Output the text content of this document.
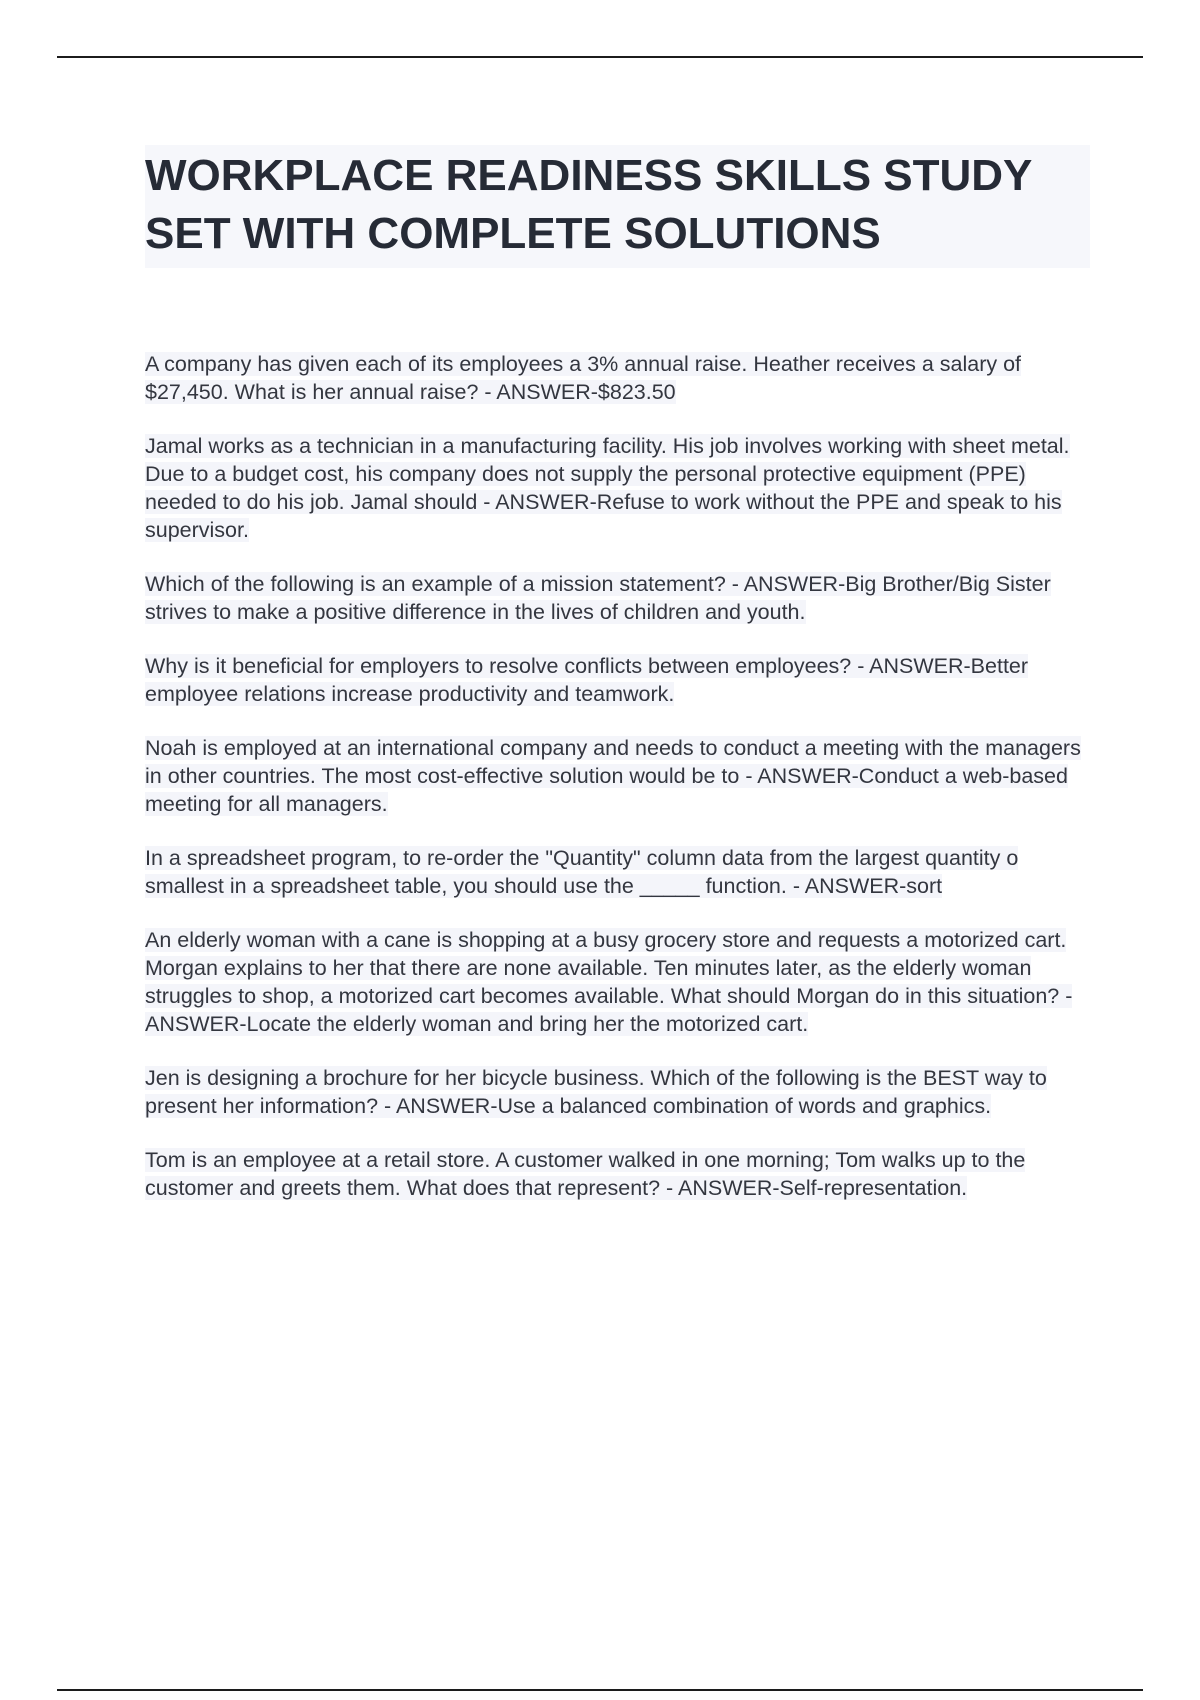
WORKPLACE READINESS SKILLS STUDY SET WITH COMPLETE SOLUTIONS

A company has given each of its employees a 3% annual raise. Heather receives a salary of $27,450. What is her annual raise? - ANSWER-$823.50

Jamal works as a technician in a manufacturing facility. His job involves working with sheet metal. Due to a budget cost, his company does not supply the personal protective equipment (PPE) needed to do his job. Jamal should - ANSWER-Refuse to work without the PPE and speak to his supervisor.

Which of the following is an example of a mission statement? - ANSWER-Big Brother/Big Sister strives to make a positive difference in the lives of children and youth.

Why is it beneficial for employers to resolve conflicts between employees? - ANSWER-Better employee relations increase productivity and teamwork.

Noah is employed at an international company and needs to conduct a meeting with the managers in other countries. The most cost-effective solution would be to - ANSWER-Conduct a web-based meeting for all managers.

In a spreadsheet program, to re-order the "Quantity" column data from the largest quantity o smallest in a spreadsheet table, you should use the _____ function. - ANSWER-sort

An elderly woman with a cane is shopping at a busy grocery store and requests a motorized cart. Morgan explains to her that there are none available. Ten minutes later, as the elderly woman struggles to shop, a motorized cart becomes available. What should Morgan do in this situation? - ANSWER-Locate the elderly woman and bring her the motorized cart.

Jen is designing a brochure for her bicycle business. Which of the following is the BEST way to present her information? - ANSWER-Use a balanced combination of words and graphics.

Tom is an employee at a retail store. A customer walked in one morning; Tom walks up to the customer and greets them. What does that represent? - ANSWER-Self-representation.
